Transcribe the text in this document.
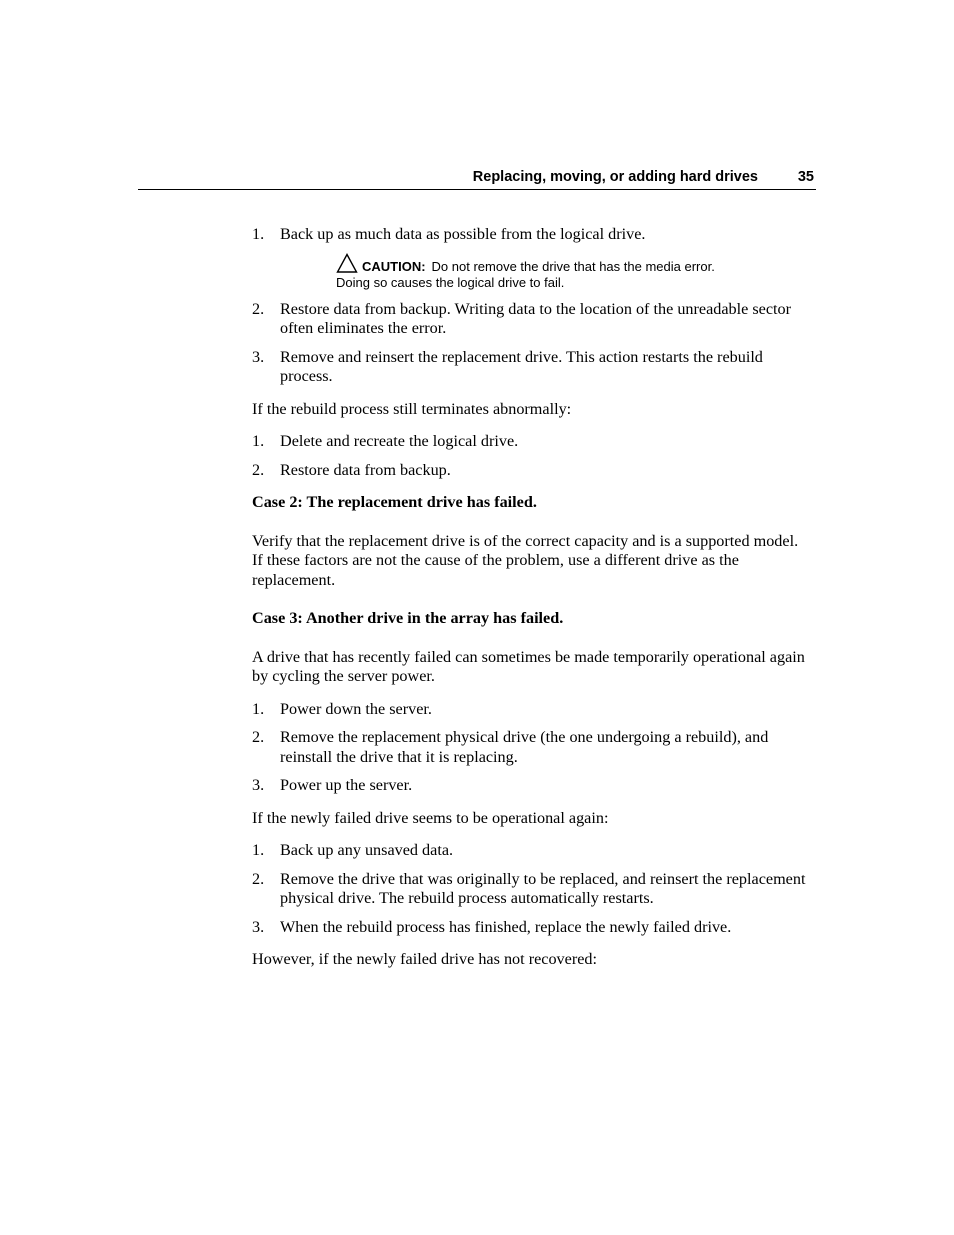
Replacing, moving, or adding hard drives	35
1. Back up as much data as possible from the logical drive.
CAUTION: Do not remove the drive that has the media error.
Doing so causes the logical drive to fail.
2. Restore data from backup. Writing data to the location of the unreadable sector often eliminates the error.
3. Remove and reinsert the replacement drive. This action restarts the rebuild process.

If the rebuild process still terminates abnormally:

1. Delete and recreate the logical drive.
2. Restore data from backup.

Case 2: The replacement drive has failed.

Verify that the replacement drive is of the correct capacity and is a supported model. If these factors are not the cause of the problem, use a different drive as the replacement.

Case 3: Another drive in the array has failed.

A drive that has recently failed can sometimes be made temporarily operational again by cycling the server power.

1. Power down the server.
2. Remove the replacement physical drive (the one undergoing a rebuild), and reinstall the drive that it is replacing.
3. Power up the server.

If the newly failed drive seems to be operational again:

1. Back up any unsaved data.
2. Remove the drive that was originally to be replaced, and reinsert the replacement physical drive. The rebuild process automatically restarts.
3. When the rebuild process has finished, replace the newly failed drive.

However, if the newly failed drive has not recovered:
